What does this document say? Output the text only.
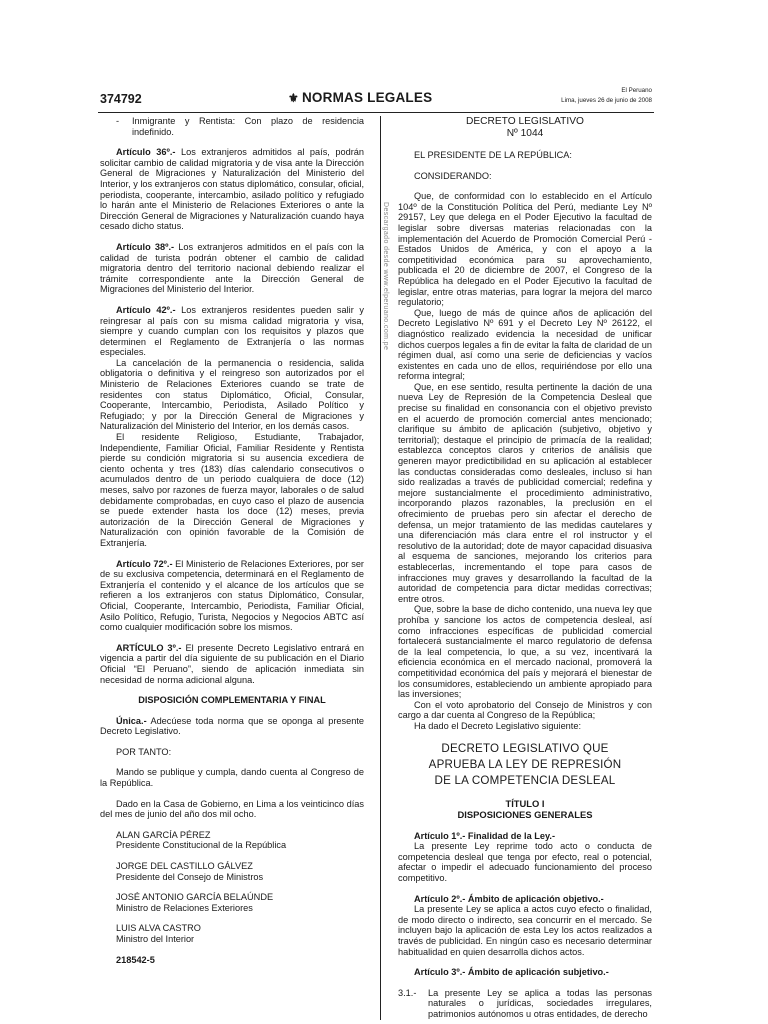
374792	⚜ NORMAS LEGALES	El Peruano
Lima, jueves 26 de junio de 2008
-	Inmigrante y Rentista: Con plazo de residencia indefinido.

Artículo 36º.- Los extranjeros admitidos al país, podrán solicitar cambio de calidad migratoria y de visa ante la Dirección General de Migraciones y Naturalización del Ministerio del Interior, y los extranjeros con status diplomático, consular, oficial, periodista, cooperante, intercambio, asilado político y refugiado lo harán ante el Ministerio de Relaciones Exteriores o ante la Dirección General de Migraciones y Naturalización cuando haya cesado dicho status.

Artículo 38º.- Los extranjeros admitidos en el país con la calidad de turista podrán obtener el cambio de calidad migratoria dentro del territorio nacional debiendo realizar el trámite correspondiente ante la Dirección General de Migraciones del Ministerio del Interior.

Artículo 42º.- Los extranjeros residentes pueden salir y reingresar al país con su misma calidad migratoria y visa, siempre y cuando cumplan con los requisitos y plazos que determinen el Reglamento de Extranjería o las normas especiales.

La cancelación de la permanencia o residencia, salida obligatoria o definitiva y el reingreso son autorizados por el Ministerio de Relaciones Exteriores cuando se trate de residentes con status Diplomático, Oficial, Consular, Cooperante, Intercambio, Periodista, Asilado Político y Refugiado; y por la Dirección General de Migraciones y Naturalización del Ministerio del Interior, en los demás casos.

El residente Religioso, Estudiante, Trabajador, Independiente, Familiar Oficial, Familiar Residente y Rentista pierde su condición migratoria si su ausencia excediera de ciento ochenta y tres (183) días calendario consecutivos o acumulados dentro de un periodo cualquiera de doce (12) meses, salvo por razones de fuerza mayor, laborales o de salud debidamente comprobadas, en cuyo caso el plazo de ausencia se puede extender hasta los doce (12) meses, previa autorización de la Dirección General de Migraciones y Naturalización con opinión favorable de la Comisión de Extranjería.

Artículo 72º.- El Ministerio de Relaciones Exteriores, por ser de su exclusiva competencia, determinará en el Reglamento de Extranjería el contenido y el alcance de los artículos que se refieren a los extranjeros con status Diplomático, Consular, Oficial, Cooperante, Intercambio, Periodista, Familiar Oficial, Asilo Político, Refugio, Turista, Negocios y Negocios ABTC así como cualquier modificación sobre los mismos.

ARTÍCULO 3º.- El presente Decreto Legislativo entrará en vigencia a partir del día siguiente de su publicación en el Diario Oficial “El Peruano”, siendo de aplicación inmediata sin necesidad de norma adicional alguna.

DISPOSICIÓN COMPLEMENTARIA Y FINAL

Única.- Adecúese toda norma que se oponga al presente Decreto Legislativo.

POR TANTO:

Mando se publique y cumpla, dando cuenta al Congreso de la República.

Dado en la Casa de Gobierno, en Lima a los veinticinco días del mes de junio del año dos mil ocho.

ALAN GARCÍA PÉREZ
Presidente Constitucional de la República
JORGE DEL CASTILLO GÁLVEZ
Presidente del Consejo de Ministros
JOSÉ ANTONIO GARCÍA BELAÚNDE
Ministro de Relaciones Exteriores
LUIS ALVA CASTRO
Ministro del Interior
218542-5
Descargado desde www.elperuano.com.pe
DECRETO LEGISLATIVO
Nº 1044

EL PRESIDENTE DE LA REPÚBLICA:

CONSIDERANDO:

Que, de conformidad con lo establecido en el Artículo 104º de la Constitución Política del Perú, mediante Ley Nº 29157, Ley que delega en el Poder Ejecutivo la facultad de legislar sobre diversas materias relacionadas con la implementación del Acuerdo de Promoción Comercial Perú - Estados Unidos de América, y con el apoyo a la competitividad económica para su aprovechamiento, publicada el 20 de diciembre de 2007, el Congreso de la República ha delegado en el Poder Ejecutivo la facultad de legislar, entre otras materias, para lograr la mejora del marco regulatorio;

Que, luego de más de quince años de aplicación del Decreto Legislativo Nº 691 y el Decreto Ley Nº 26122, el diagnóstico realizado evidencia la necesidad de unificar dichos cuerpos legales a fin de evitar la falta de claridad de un régimen dual, así como una serie de deficiencias y vacíos existentes en cada uno de ellos, requiriéndose por ello una reforma integral;

Que, en ese sentido, resulta pertinente la dación de una nueva Ley de Represión de la Competencia Desleal que precise su finalidad en consonancia con el objetivo previsto en el acuerdo de promoción comercial antes mencionado; clarifique su ámbito de aplicación (subjetivo, objetivo y territorial); destaque el principio de primacía de la realidad; establezca conceptos claros y criterios de análisis que generen mayor predictibilidad en su aplicación al establecer las conductas consideradas como desleales, incluso si han sido realizadas a través de publicidad comercial; redefina y mejore sustancialmente el procedimiento administrativo, incorporando plazos razonables, la preclusión en el ofrecimiento de pruebas pero sin afectar el derecho de defensa, un mejor tratamiento de las medidas cautelares y una diferenciación más clara entre el rol instructor y el resolutivo de la autoridad; dote de mayor capacidad disuasiva al esquema de sanciones, mejorando los criterios para establecerlas, incrementando el tope para casos de infracciones muy graves y desarrollando la facultad de la autoridad de competencia para dictar medidas correctivas; entre otros.

Que, sobre la base de dicho contenido, una nueva ley que prohíba y sancione los actos de competencia desleal, así como infracciones específicas de publicidad comercial fortalecerá sustancialmente el marco regulatorio de defensa de la leal competencia, lo que, a su vez, incentivará la eficiencia económica en el mercado nacional, promoverá la competitividad económica del país y mejorará el bienestar de los consumidores, estableciendo un ambiente apropiado para las inversiones;

Con el voto aprobatorio del Consejo de Ministros y con cargo a dar cuenta al Congreso de la República;

Ha dado el Decreto Legislativo siguiente:

DECRETO LEGISLATIVO QUE
APRUEBA LA LEY DE REPRESIÓN
DE LA COMPETENCIA DESLEAL
TÍTULO I
DISPOSICIONES GENERALES

Artículo 1º.- Finalidad de la Ley.-

La presente Ley reprime todo acto o conducta de competencia desleal que tenga por efecto, real o potencial, afectar o impedir el adecuado funcionamiento del proceso competitivo.

Artículo 2º.- Ámbito de aplicación objetivo.-

La presente Ley se aplica a actos cuyo efecto o finalidad, de modo directo o indirecto, sea concurrir en el mercado. Se incluyen bajo la aplicación de esta Ley los actos realizados a través de publicidad. En ningún caso es necesario determinar habitualidad en quien desarrolla dichos actos.

Artículo 3º.- Ámbito de aplicación subjetivo.-

3.1.-	La presente Ley se aplica a todas las personas naturales o jurídicas, sociedades irregulares, patrimonios autónomos u otras entidades, de derecho
